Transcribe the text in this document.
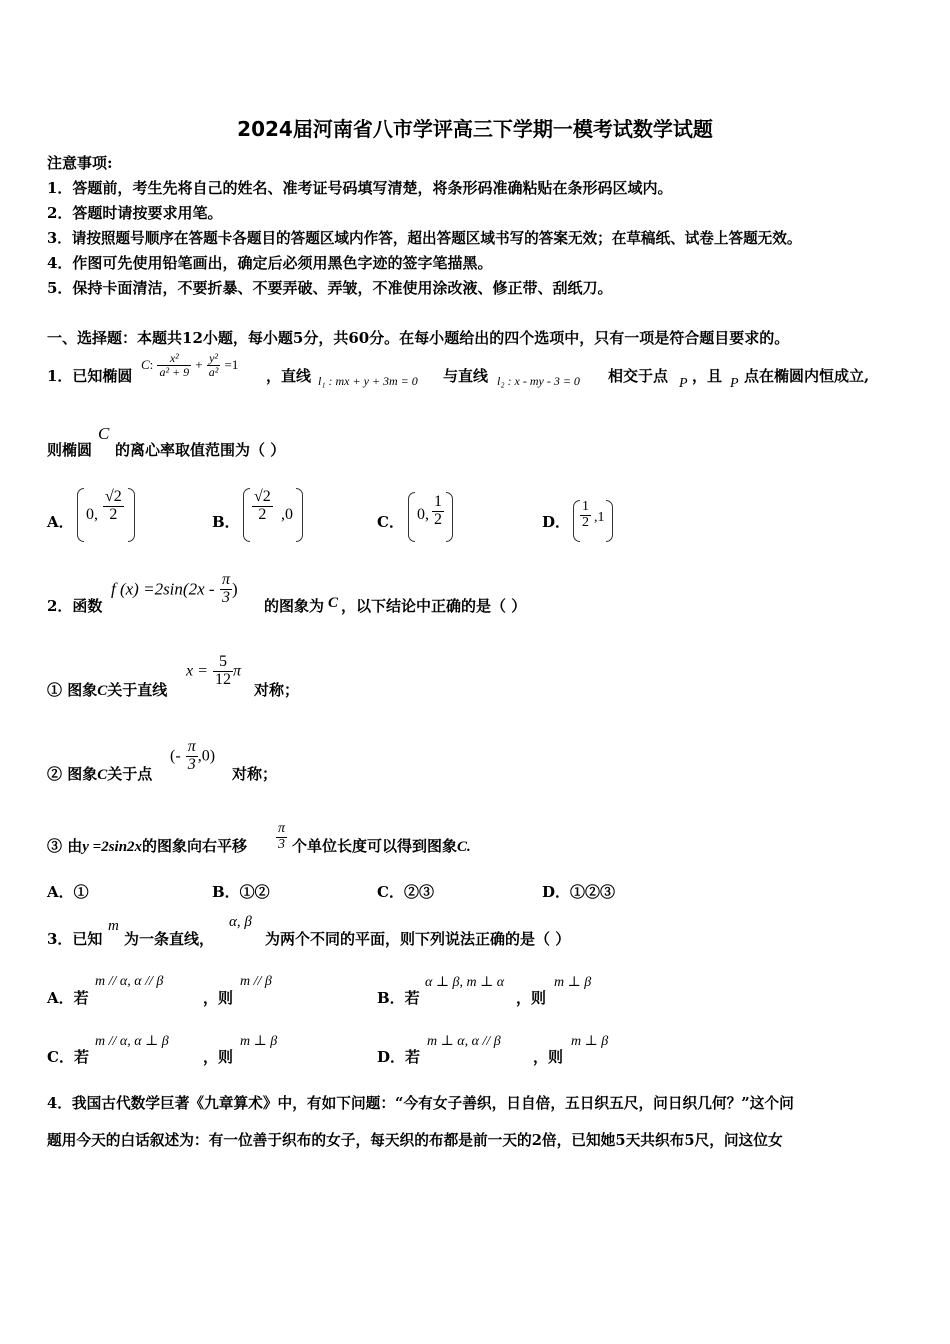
2024届河南省八市学评高三下学期一模考试数学试题
注意事项:
1．答题前，考生先将自己的姓名、准考证号码填写清楚，将条形码准确粘贴在条形码区域内。
2．答题时请按要求用笔。
3．请按照题号顺序在答题卡各题目的答题区域内作答，超出答题区域书写的答案无效；在草稿纸、试卷上答题无效。
4．作图可先使用铅笔画出，确定后必须用黑色字迹的签字笔描黑。
5．保持卡面清洁，不要折暴、不要弄破、弄皱，不准使用涂改液、修正带、刮纸刀。
一、选择题：本题共12小题，每小题5分，共60分。在每小题给出的四个选项中，只有一项是符合题目要求的。
1．已知椭圆
C: $\frac{\text{x²}}{\text{a² + 9}} + \frac{\text{y²}}{\text{a²}} =1$
，直线 l₁ : mx + y + 3m = 0 与直线 l₂ : x - my - 3 = 0 相交于点 P ，且 P 点在椭圆内恒成立,
则椭圆
C
的离心率取值范围为（ ）
A． 0, $\frac{√2}{2}$	B． $\frac{√2}{2} ,0$	C． 0, $\frac{1}{2}$	D． $\frac{1}{2} ,1$
2．函数
f $(x) =2\sin(2x - \frac{\pi}{3}$ )
的图象为 C ，以下结论中正确的是（ ）
① 图象C关于直线
$x = \frac{5}{12}$ π
对称；
② 图象C关于点
(- $\frac{\pi}{3} ,0$)
对称；
③ 由y =2sin2x的图象向右平移 $\frac{\pi}{3}$ 个单位长度可以得到图象C.
A．①	B．①②	C．②③	D．①②③
3．已知
m
为一条直线，
α, β
为两个不同的平面，则下列说法正确的是（ ）
A．若
m // α, α // β
，则
m // β
B．若
α ⊥ β, m ⊥ α
，则
m ⊥ β
C．若
m // α, α ⊥ β
，则
m ⊥ β
D．若
m ⊥ α, α // β
，则
m ⊥ β
4．我国古代数学巨著《九章算术》中，有如下问题：“今有女子善织，日自倍，五日织五尺，问日织几何？”这个问
题用今天的白话叙述为：有一位善于织布的女子，每天织的布都是前一天的2倍，已知她5天共织布5尺，问这位女
